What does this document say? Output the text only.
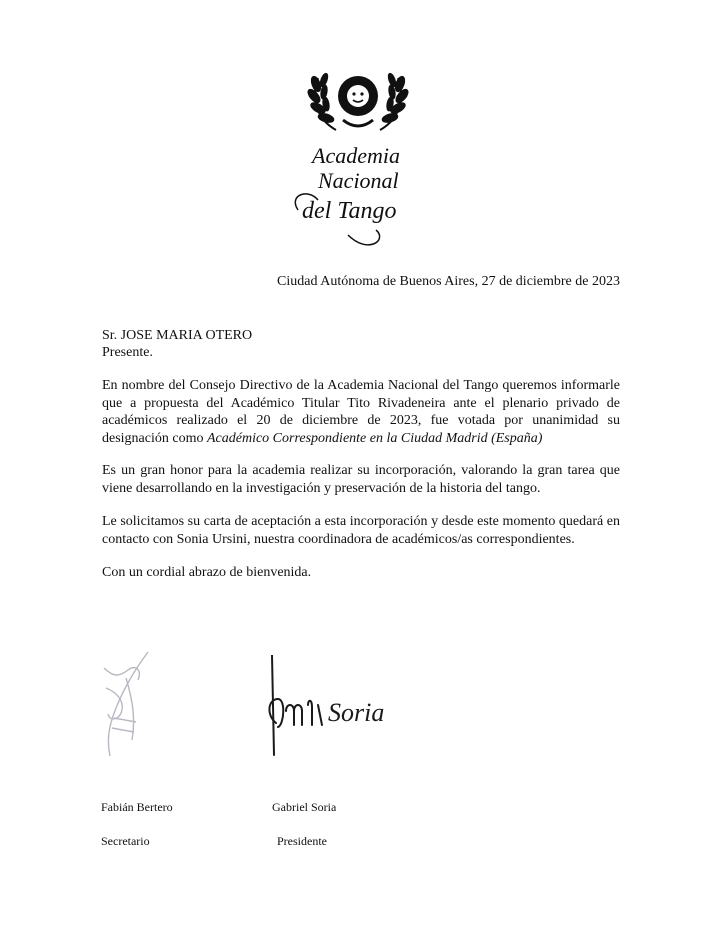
Academia
Nacional
del Tango
Ciudad Autónoma de Buenos Aires, 27 de diciembre de 2023
Sr. JOSE MARIA OTERO
Presente.
En nombre del Consejo Directivo de la Academia Nacional del Tango queremos informarle que a propuesta del Académico Titular Tito Rivadeneira ante el plenario privado de académicos realizado el 20 de diciembre de 2023, fue votada por unanimidad su designación como Académico Correspondiente en la Ciudad Madrid (España)
Es un gran honor para la academia realizar su incorporación, valorando la gran tarea que viene desarrollando en la investigación y preservación de la historia del tango.
Le solicitamos su carta de aceptación a esta incorporación y desde este momento quedará en contacto con Sonia Ursini, nuestra coordinadora de académicos/as correspondientes.
Con un cordial abrazo de bienvenida.
Soria
Fabián Bertero	Gabriel Soria
Secretario	Presidente
